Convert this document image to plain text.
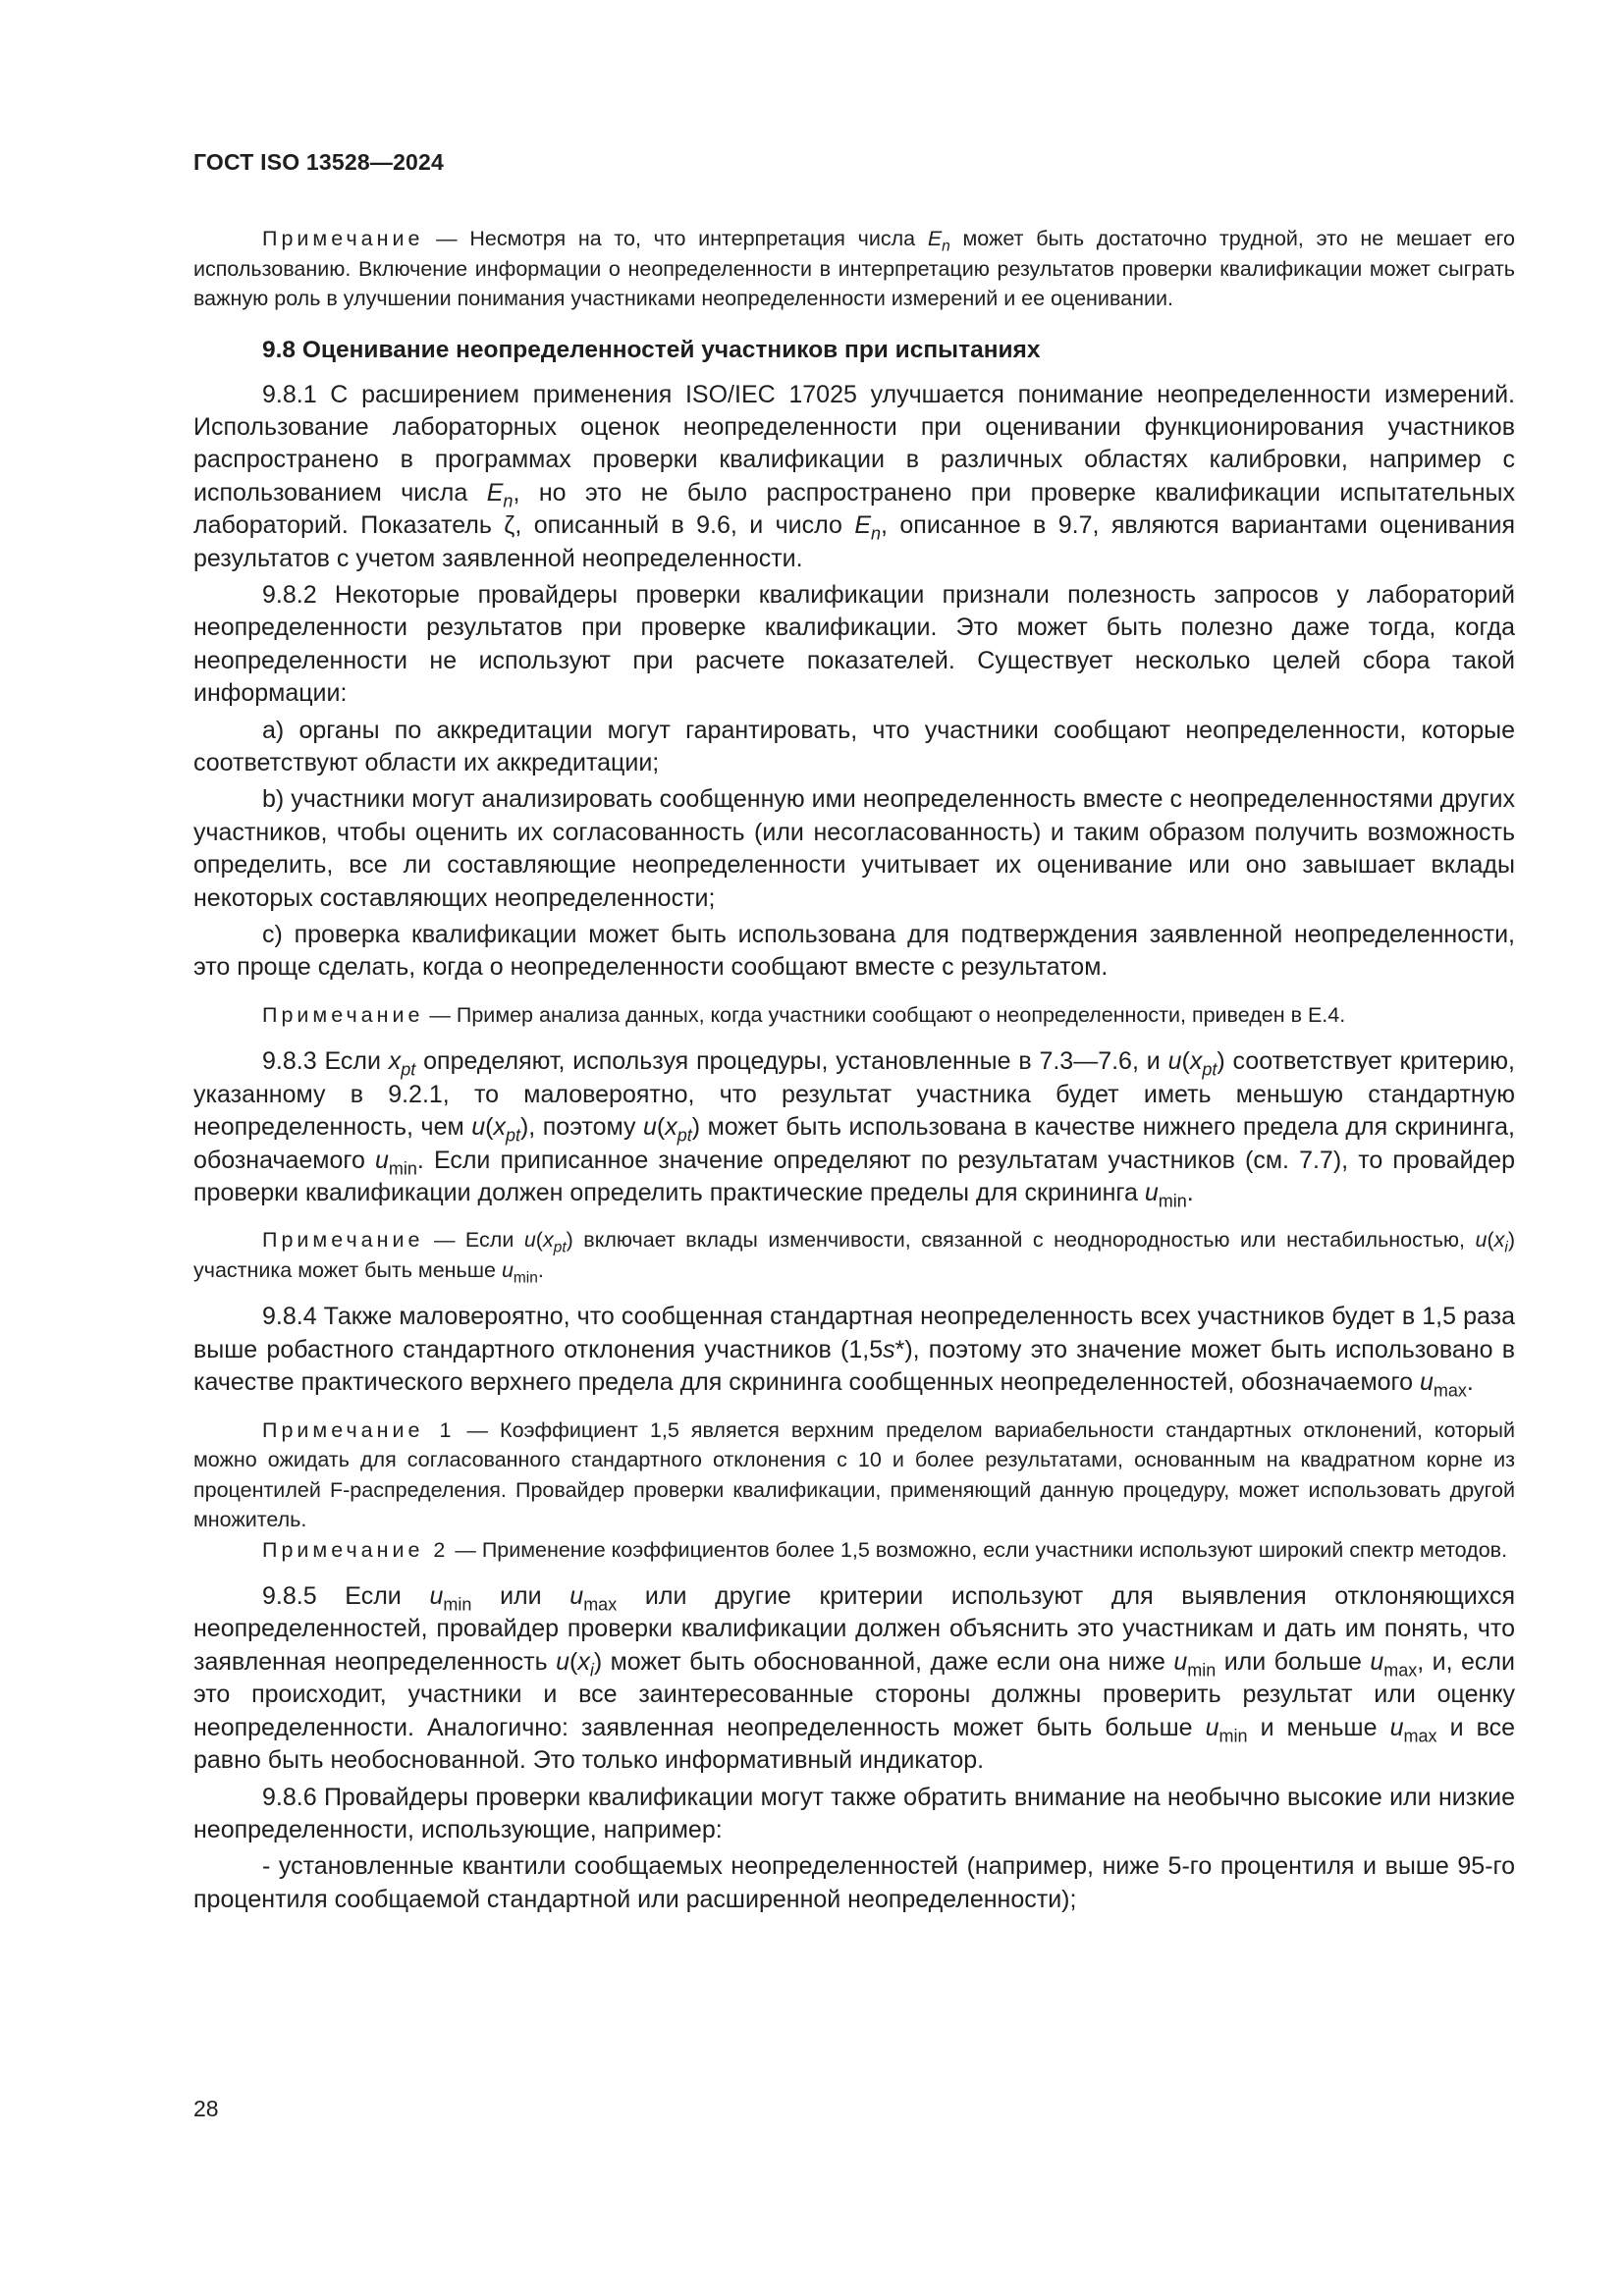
ГОСТ ISO 13528—2024

Примечание — Несмотря на то, что интерпретация числа $E_n$ может быть достаточно трудной, это не мешает его использованию. Включение информации о неопределенности в интерпретацию результатов проверки квалификации может сыграть важную роль в улучшении понимания участниками неопределенности измерений и ее оценивании.

9.8 Оценивание неопределенностей участников при испытаниях

9.8.1 С расширением применения ISO/IEC 17025 улучшается понимание неопределенности измерений. Использование лабораторных оценок неопределенности при оценивании функционирования участников распространено в программах проверки квалификации в различных областях калибровки, например с использованием числа $E_n$, но это не было распространено при проверке квалификации испытательных лабораторий. Показатель ζ, описанный в 9.6, и число $E_n$, описанное в 9.7, являются вариантами оценивания результатов с учетом заявленной неопределенности.

9.8.2 Некоторые провайдеры проверки квалификации признали полезность запросов у лабораторий неопределенности результатов при проверке квалификации. Это может быть полезно даже тогда, когда неопределенности не используют при расчете показателей. Существует несколько целей сбора такой информации:

a) органы по аккредитации могут гарантировать, что участники сообщают неопределенности, которые соответствуют области их аккредитации;

b) участники могут анализировать сообщенную ими неопределенность вместе с неопределенностями других участников, чтобы оценить их согласованность (или несогласованность) и таким образом получить возможность определить, все ли составляющие неопределенности учитывает их оценивание или оно завышает вклады некоторых составляющих неопределенности;

c) проверка квалификации может быть использована для подтверждения заявленной неопределенности, это проще сделать, когда о неопределенности сообщают вместе с результатом.

Примечание — Пример анализа данных, когда участники сообщают о неопределенности, приведен в E.4.

9.8.3 Если $x_{pt}$ определяют, используя процедуры, установленные в 7.3—7.6, и $u(x_{pt})$ соответствует критерию, указанному в 9.2.1, то маловероятно, что результат участника будет иметь меньшую стандартную неопределенность, чем $u(x_{pt})$, поэтому $u(x_{pt})$ может быть использована в качестве нижнего предела для скрининга, обозначаемого $u_{min}$. Если приписанное значение определяют по результатам участников (см. 7.7), то провайдер проверки квалификации должен определить практические пределы для скрининга $u_{min}$.

Примечание — Если $u(x_{pt})$ включает вклады изменчивости, связанной с неоднородностью или нестабильностью, $u(x_i)$ участника может быть меньше $u_{min}$.

9.8.4 Также маловероятно, что сообщенная стандартная неопределенность всех участников будет в 1,5 раза выше робастного стандартного отклонения участников (1,5s*), поэтому это значение может быть использовано в качестве практического верхнего предела для скрининга сообщенных неопределенностей, обозначаемого $u_{max}$.

Примечание 1 — Коэффициент 1,5 является верхним пределом вариабельности стандартных отклонений, который можно ожидать для согласованного стандартного отклонения с 10 и более результатами, основанным на квадратном корне из процентилей F-распределения. Провайдер проверки квалификации, применяющий данную процедуру, может использовать другой множитель.

Примечание 2 — Применение коэффициентов более 1,5 возможно, если участники используют широкий спектр методов.

9.8.5 Если $u_{min}$ или $u_{max}$ или другие критерии используют для выявления отклоняющихся неопределенностей, провайдер проверки квалификации должен объяснить это участникам и дать им понять, что заявленная неопределенность $u(x_i)$ может быть обоснованной, даже если она ниже $u_{min}$ или больше $u_{max}$, и, если это происходит, участники и все заинтересованные стороны должны проверить результат или оценку неопределенности. Аналогично: заявленная неопределенность может быть больше $u_{min}$ и меньше $u_{max}$ и все равно быть необоснованной. Это только информативный индикатор.

9.8.6 Провайдеры проверки квалификации могут также обратить внимание на необычно высокие или низкие неопределенности, использующие, например:

- установленные квантили сообщаемых неопределенностей (например, ниже 5-го процентиля и выше 95-го процентиля сообщаемой стандартной или расширенной неопределенности);

28
